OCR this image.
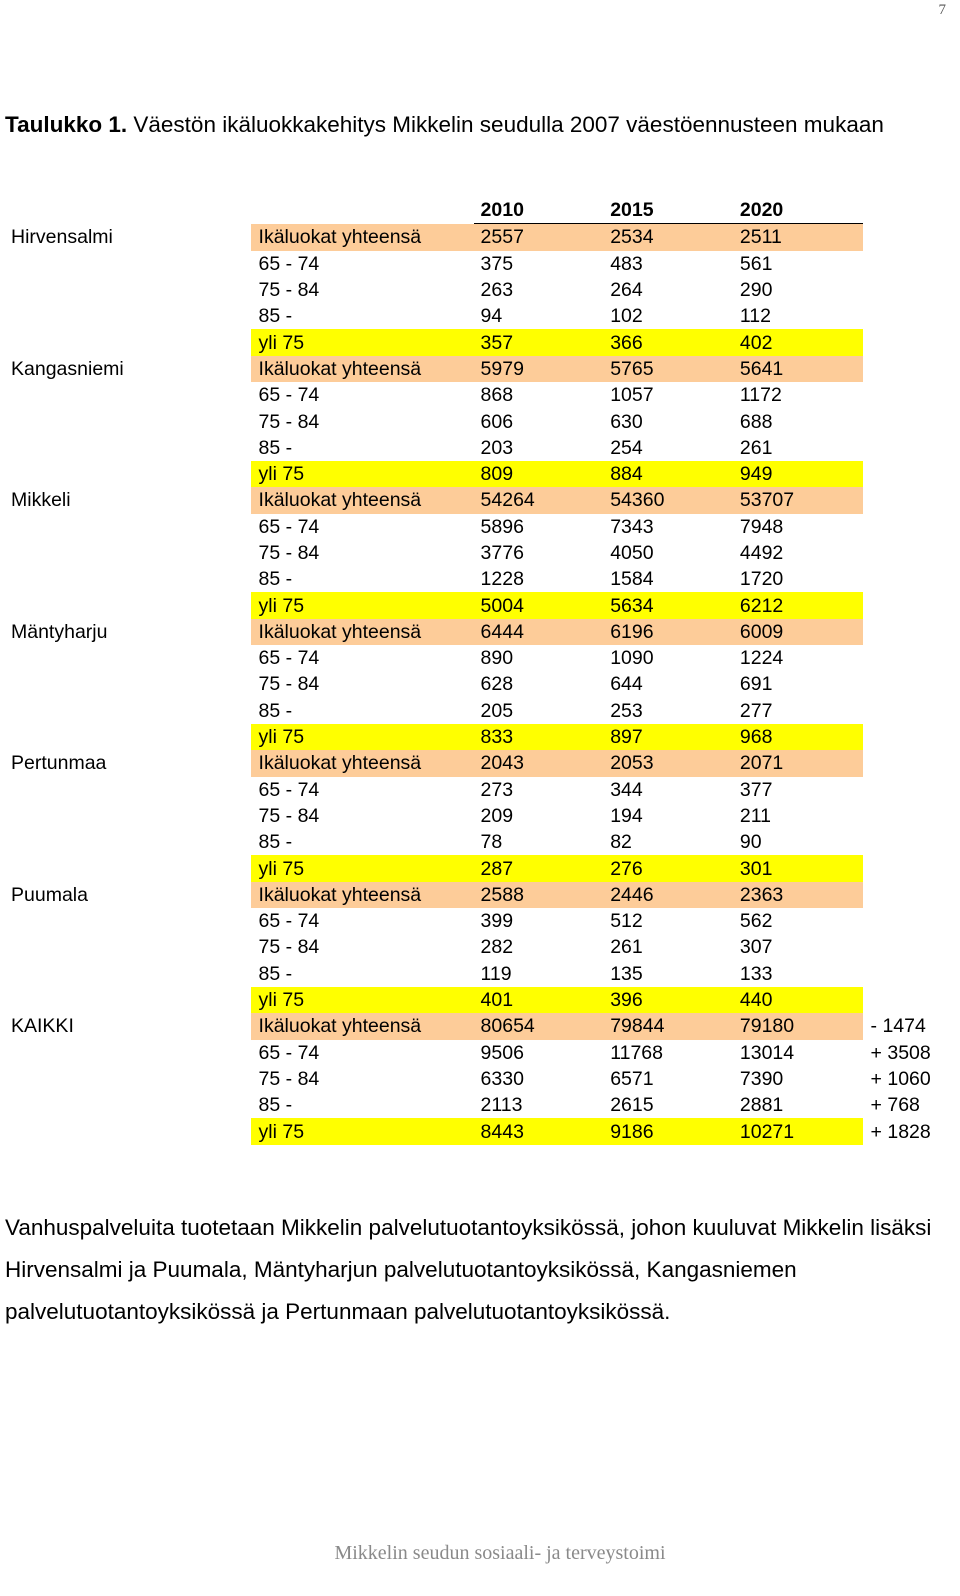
7
Taulukko 1. Väestön ikäluokkakehitys Mikkelin seudulla 2007 väestöennusteen mukaan
		2010	2015	2020	
Hirvensalmi	Ikäluokat yhteensä	2557	2534	2511	
	65 - 74	375	483	561	
	75 - 84	263	264	290	
	85 -	94	102	112	
	yli 75	357	366	402	
Kangasniemi	Ikäluokat yhteensä	5979	5765	5641	
	65 - 74	868	1057	1172	
	75 - 84	606	630	688	
	85 -	203	254	261	
	yli 75	809	884	949	
Mikkeli	Ikäluokat yhteensä	54264	54360	53707	
	65 - 74	5896	7343	7948	
	75 - 84	3776	4050	4492	
	85 -	1228	1584	1720	
	yli 75	5004	5634	6212	
Mäntyharju	Ikäluokat yhteensä	6444	6196	6009	
	65 - 74	890	1090	1224	
	75 - 84	628	644	691	
	85 -	205	253	277	
	yli 75	833	897	968	
Pertunmaa	Ikäluokat yhteensä	2043	2053	2071	
	65 - 74	273	344	377	
	75 - 84	209	194	211	
	85 -	78	82	90	
	yli 75	287	276	301	
Puumala	Ikäluokat yhteensä	2588	2446	2363	
	65 - 74	399	512	562	
	75 - 84	282	261	307	
	85 -	119	135	133	
	yli 75	401	396	440	
KAIKKI	Ikäluokat yhteensä	80654	79844	79180	- 1474
	65 - 74	9506	11768	13014	+ 3508
	75 - 84	6330	6571	7390	+ 1060
	85 -	2113	2615	2881	+ 768
	yli 75	8443	9186	10271	+ 1828
Vanhuspalveluita tuotetaan Mikkelin palvelutuotantoyksikössä, johon kuuluvat Mikkelin lisäksi Hirvensalmi ja Puumala, Mäntyharjun palvelutuotantoyksikössä, Kangasniemen palvelutuotantoyksikössä ja Pertunmaan palvelutuotantoyksikössä.
Mikkelin seudun sosiaali- ja terveystoimi
